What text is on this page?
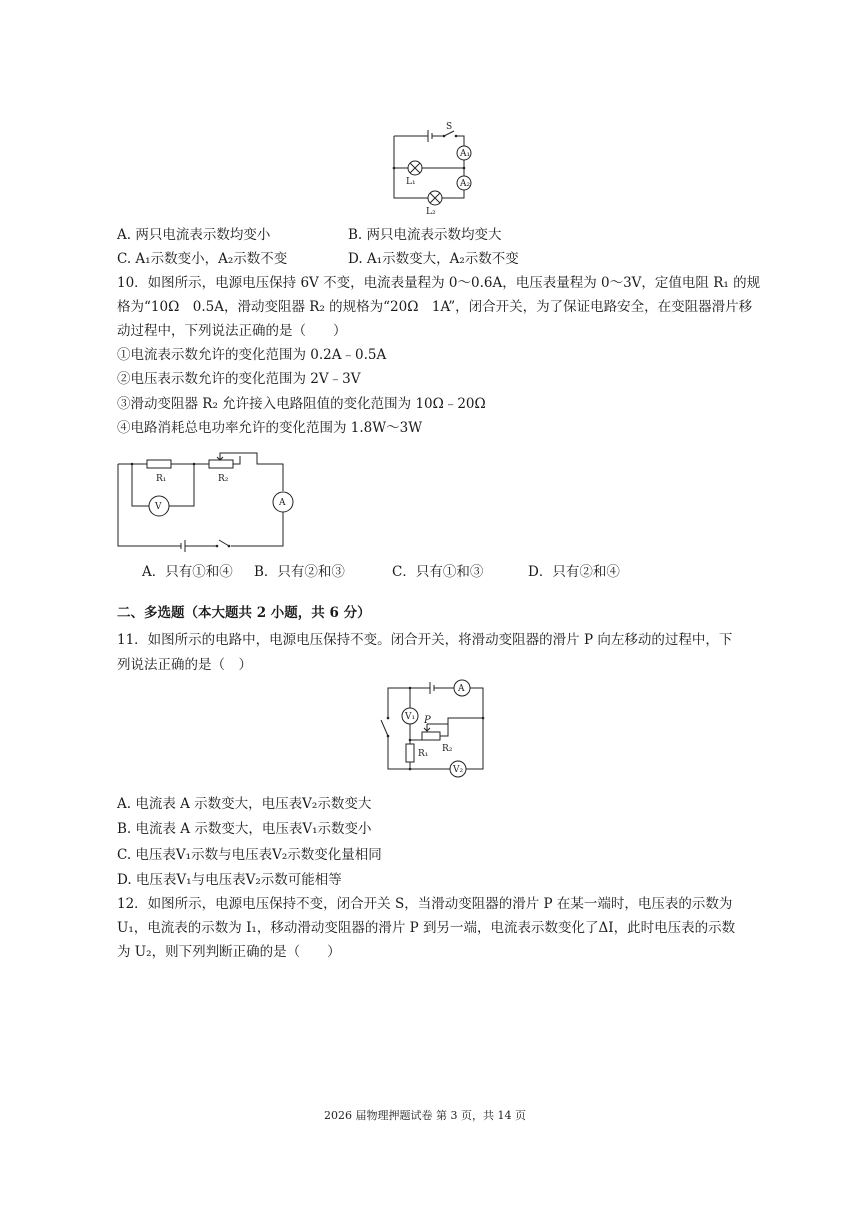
S
A₁
A₂
L₁
L₂
A. 两只电流表示数均变小	B. 两只电流表示数均变大
C. A₁示数变小，A₂示数不变	D. A₁示数变大，A₂示数不变
10．如图所示，电源电压保持 6V 不变，电流表量程为 0～0.6A，电压表量程为 0～3V，定值电阻 R₁ 的规
格为“10Ω　0.5A，滑动变阻器 R₂ 的规格为“20Ω　1A”，闭合开关，为了保证电路安全，在变阻器滑片移
动过程中，下列说法正确的是（　　）
①电流表示数允许的变化范围为 0.2A﹣0.5A
②电压表示数允许的变化范围为 2V﹣3V
③滑动变阻器 R₂ 允许接入电路阻值的变化范围为 10Ω﹣20Ω
④电路消耗总电功率允许的变化范围为 1.8W～3W
R₁	R₂
V	A
A．只有①和④ B．只有②和③	C．只有①和③	D．只有②和④
二、多选题（本大题共 2 小题，共 6 分）
11．如图所示的电路中，电源电压保持不变。闭合开关，将滑动变阻器的滑片 P 向左移动的过程中，下
列说法正确的是（　）
A
V₁
V₂
P
R₁ R₂
A. 电流表 A 示数变大，电压表V₂示数变大
B. 电流表 A 示数变大，电压表V₁示数变小
C. 电压表V₁示数与电压表V₂示数变化量相同
D. 电压表V₁与电压表V₂示数可能相等
12．如图所示，电源电压保持不变，闭合开关 S，当滑动变阻器的滑片 P 在某一端时，电压表的示数为
U₁，电流表的示数为 I₁，移动滑动变阻器的滑片 P 到另一端，电流表示数变化了ΔI，此时电压表的示数
为 U₂，则下列判断正确的是（　　）
2026 届物理押题试卷 第 3 页，共 14 页
